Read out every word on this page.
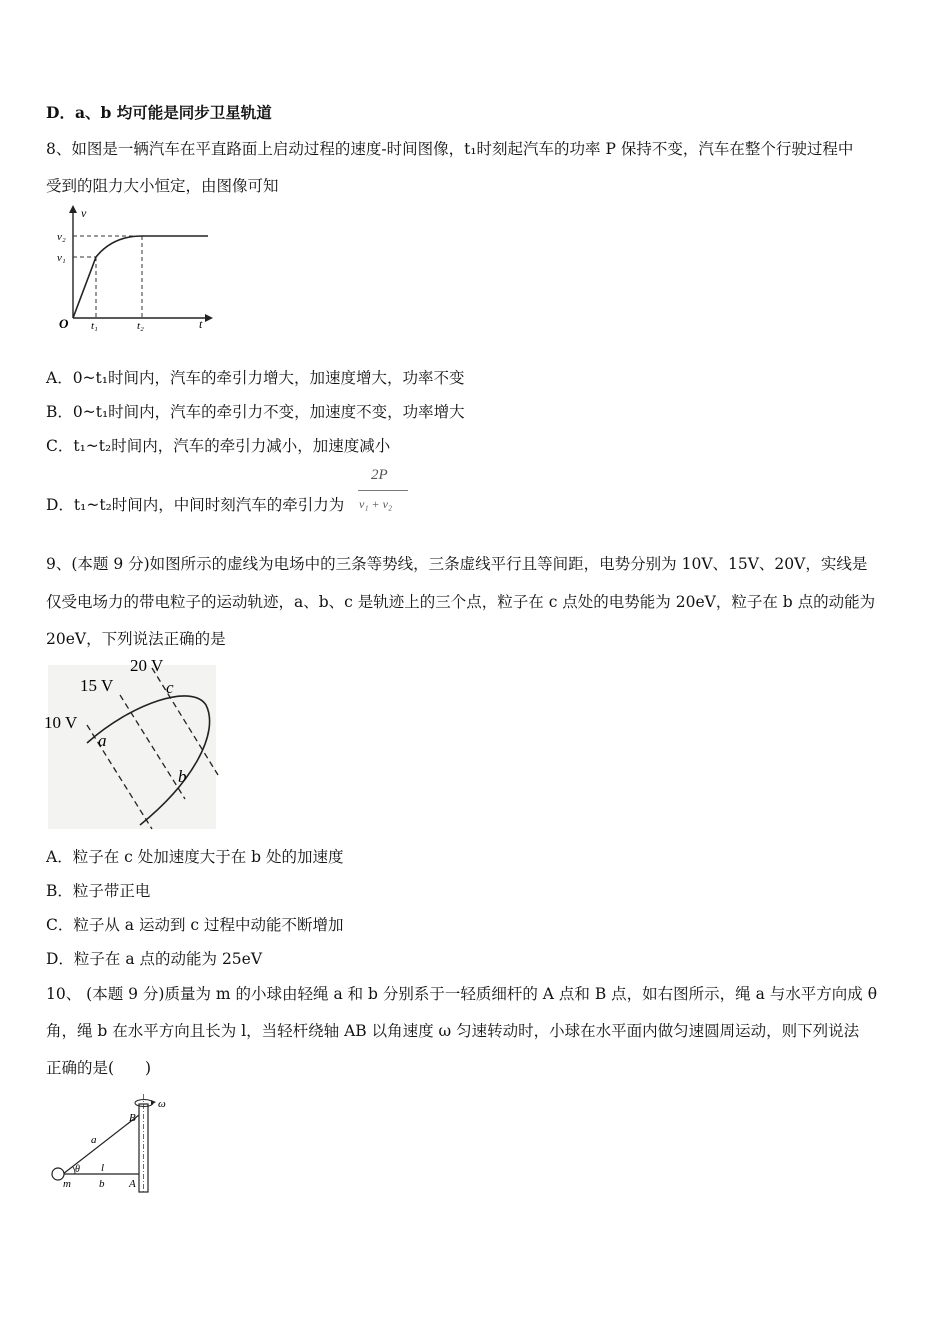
D．a、b 均可能是同步卫星轨道
8、如图是一辆汽车在平直路面上启动过程的速度-时间图像，t₁时刻起汽车的功率 P 保持不变，汽车在整个行驶过程中
受到的阻力大小恒定，由图像可知
v
t
O
v₂
v₁
t₁	t₂
A．0~t₁时间内，汽车的牵引力增大，加速度增大，功率不变
B．0~t₁时间内，汽车的牵引力不变，加速度不变，功率增大
C．t₁~t₂时间内，汽车的牵引力减小，加速度减小
D．t₁~t₂时间内，中间时刻汽车的牵引力为
2P
v₁ + v₂
9、(本题 9 分)如图所示的虚线为电场中的三条等势线，三条虚线平行且等间距，电势分别为 10V、15V、20V，实线是
仅受电场力的带电粒子的运动轨迹，a、b、c 是轨迹上的三个点，粒子在 c 点处的电势能为 20eV，粒子在 b 点的动能为
20eV，下列说法正确的是
10 V
15 V
20 V
a
b
c
A．粒子在 c 处加速度大于在 b 处的加速度
B．粒子带正电
C．粒子从 a 运动到 c 过程中动能不断增加
D．粒子在 a 点的动能为 25eV
10、 (本题 9 分)质量为 m 的小球由轻绳 a 和 b 分别系于一轻质细杆的 A 点和 B 点，如右图所示，绳 a 与水平方向成 θ
角，绳 b 在水平方向且长为 l，当轻杆绕轴 AB 以角速度 ω 匀速转动时，小球在水平面内做匀速圆周运动，则下列说法
正确的是(　　)
B
A
ω
a
b
l
θ
m
